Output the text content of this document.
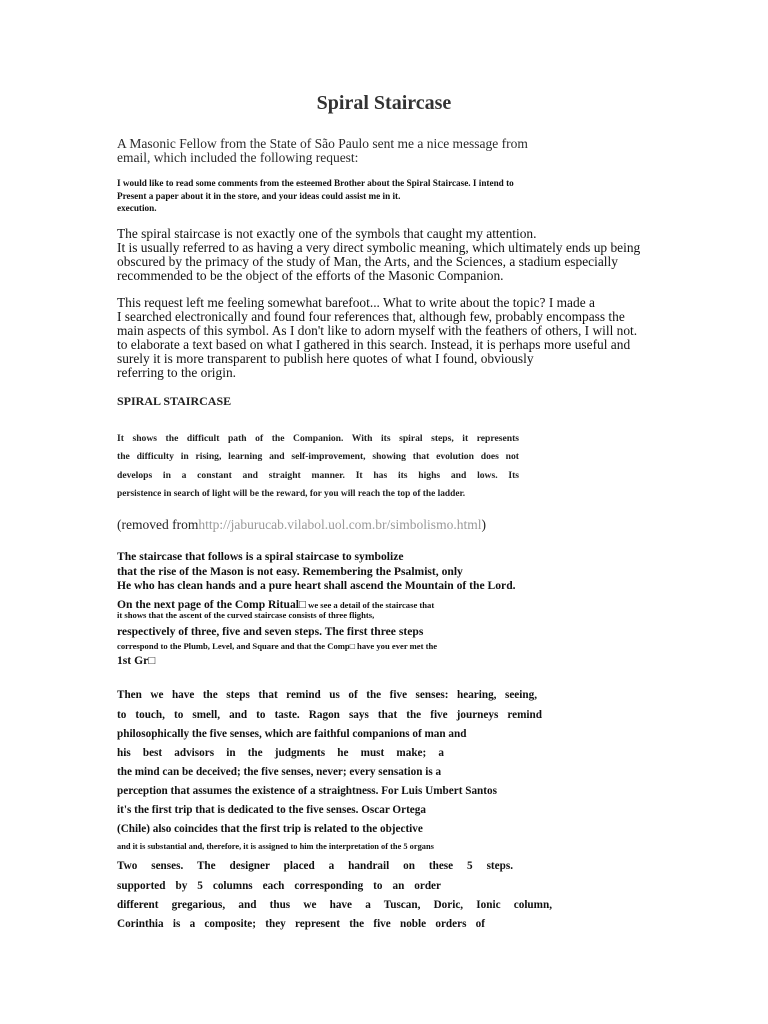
Spiral Staircase

A Masonic Fellow from the State of São Paulo sent me a nice message from

email, which included the following request:

I would like to read some comments from the esteemed Brother about the Spiral Staircase. I intend to

Present a paper about it in the store, and your ideas could assist me in it.

execution.

The spiral staircase is not exactly one of the symbols that caught my attention.

It is usually referred to as having a very direct symbolic meaning, which ultimately ends up being

obscured by the primacy of the study of Man, the Arts, and the Sciences, a stadium especially

recommended to be the object of the efforts of the Masonic Companion.

This request left me feeling somewhat barefoot... What to write about the topic? I made a

I searched electronically and found four references that, although few, probably encompass the

main aspects of this symbol. As I don't like to adorn myself with the feathers of others, I will not.

to elaborate a text based on what I gathered in this search. Instead, it is perhaps more useful and

surely it is more transparent to publish here quotes of what I found, obviously

referring to the origin.

SPIRAL STAIRCASE

It shows the difficult path of the Companion. With its spiral steps, it represents

the difficulty in rising, learning and self-improvement, showing that evolution does not

develops in a constant and straight manner. It has its highs and lows. Its

persistence in search of light will be the reward, for you will reach the top of the ladder.

(removed fromhttp://jaburucab.vilabol.uol.com.br/simbolismo.html)

The staircase that follows is a spiral staircase to symbolize

that the rise of the Mason is not easy. Remembering the Psalmist, only

He who has clean hands and a pure heart shall ascend the Mountain of the Lord.

On the next page of the Comp Ritual□ we see a detail of the staircase that

it shows that the ascent of the curved staircase consists of three flights,

respectively of three, five and seven steps. The first three steps

correspond to the Plumb, Level, and Square and that the Comp□ have you ever met the

1st Gr□

Then we have the steps that remind us of the five senses: hearing, seeing,

to touch, to smell, and to taste. Ragon says that the five journeys remind

philosophically the five senses, which are faithful companions of man and

his best advisors in the judgments he must make; a

the mind can be deceived; the five senses, never; every sensation is a

perception that assumes the existence of a straightness. For Luis Umbert Santos

it's the first trip that is dedicated to the five senses. Oscar Ortega

(Chile) also coincides that the first trip is related to the objective

and it is substantial and, therefore, it is assigned to him the interpretation of the 5 organs

Two senses. The designer placed a handrail on these 5 steps.

supported by 5 columns each corresponding to an order

different gregarious, and thus we have a Tuscan, Doric, Ionic column,

Corinthia is a composite; they represent the five noble orders of
